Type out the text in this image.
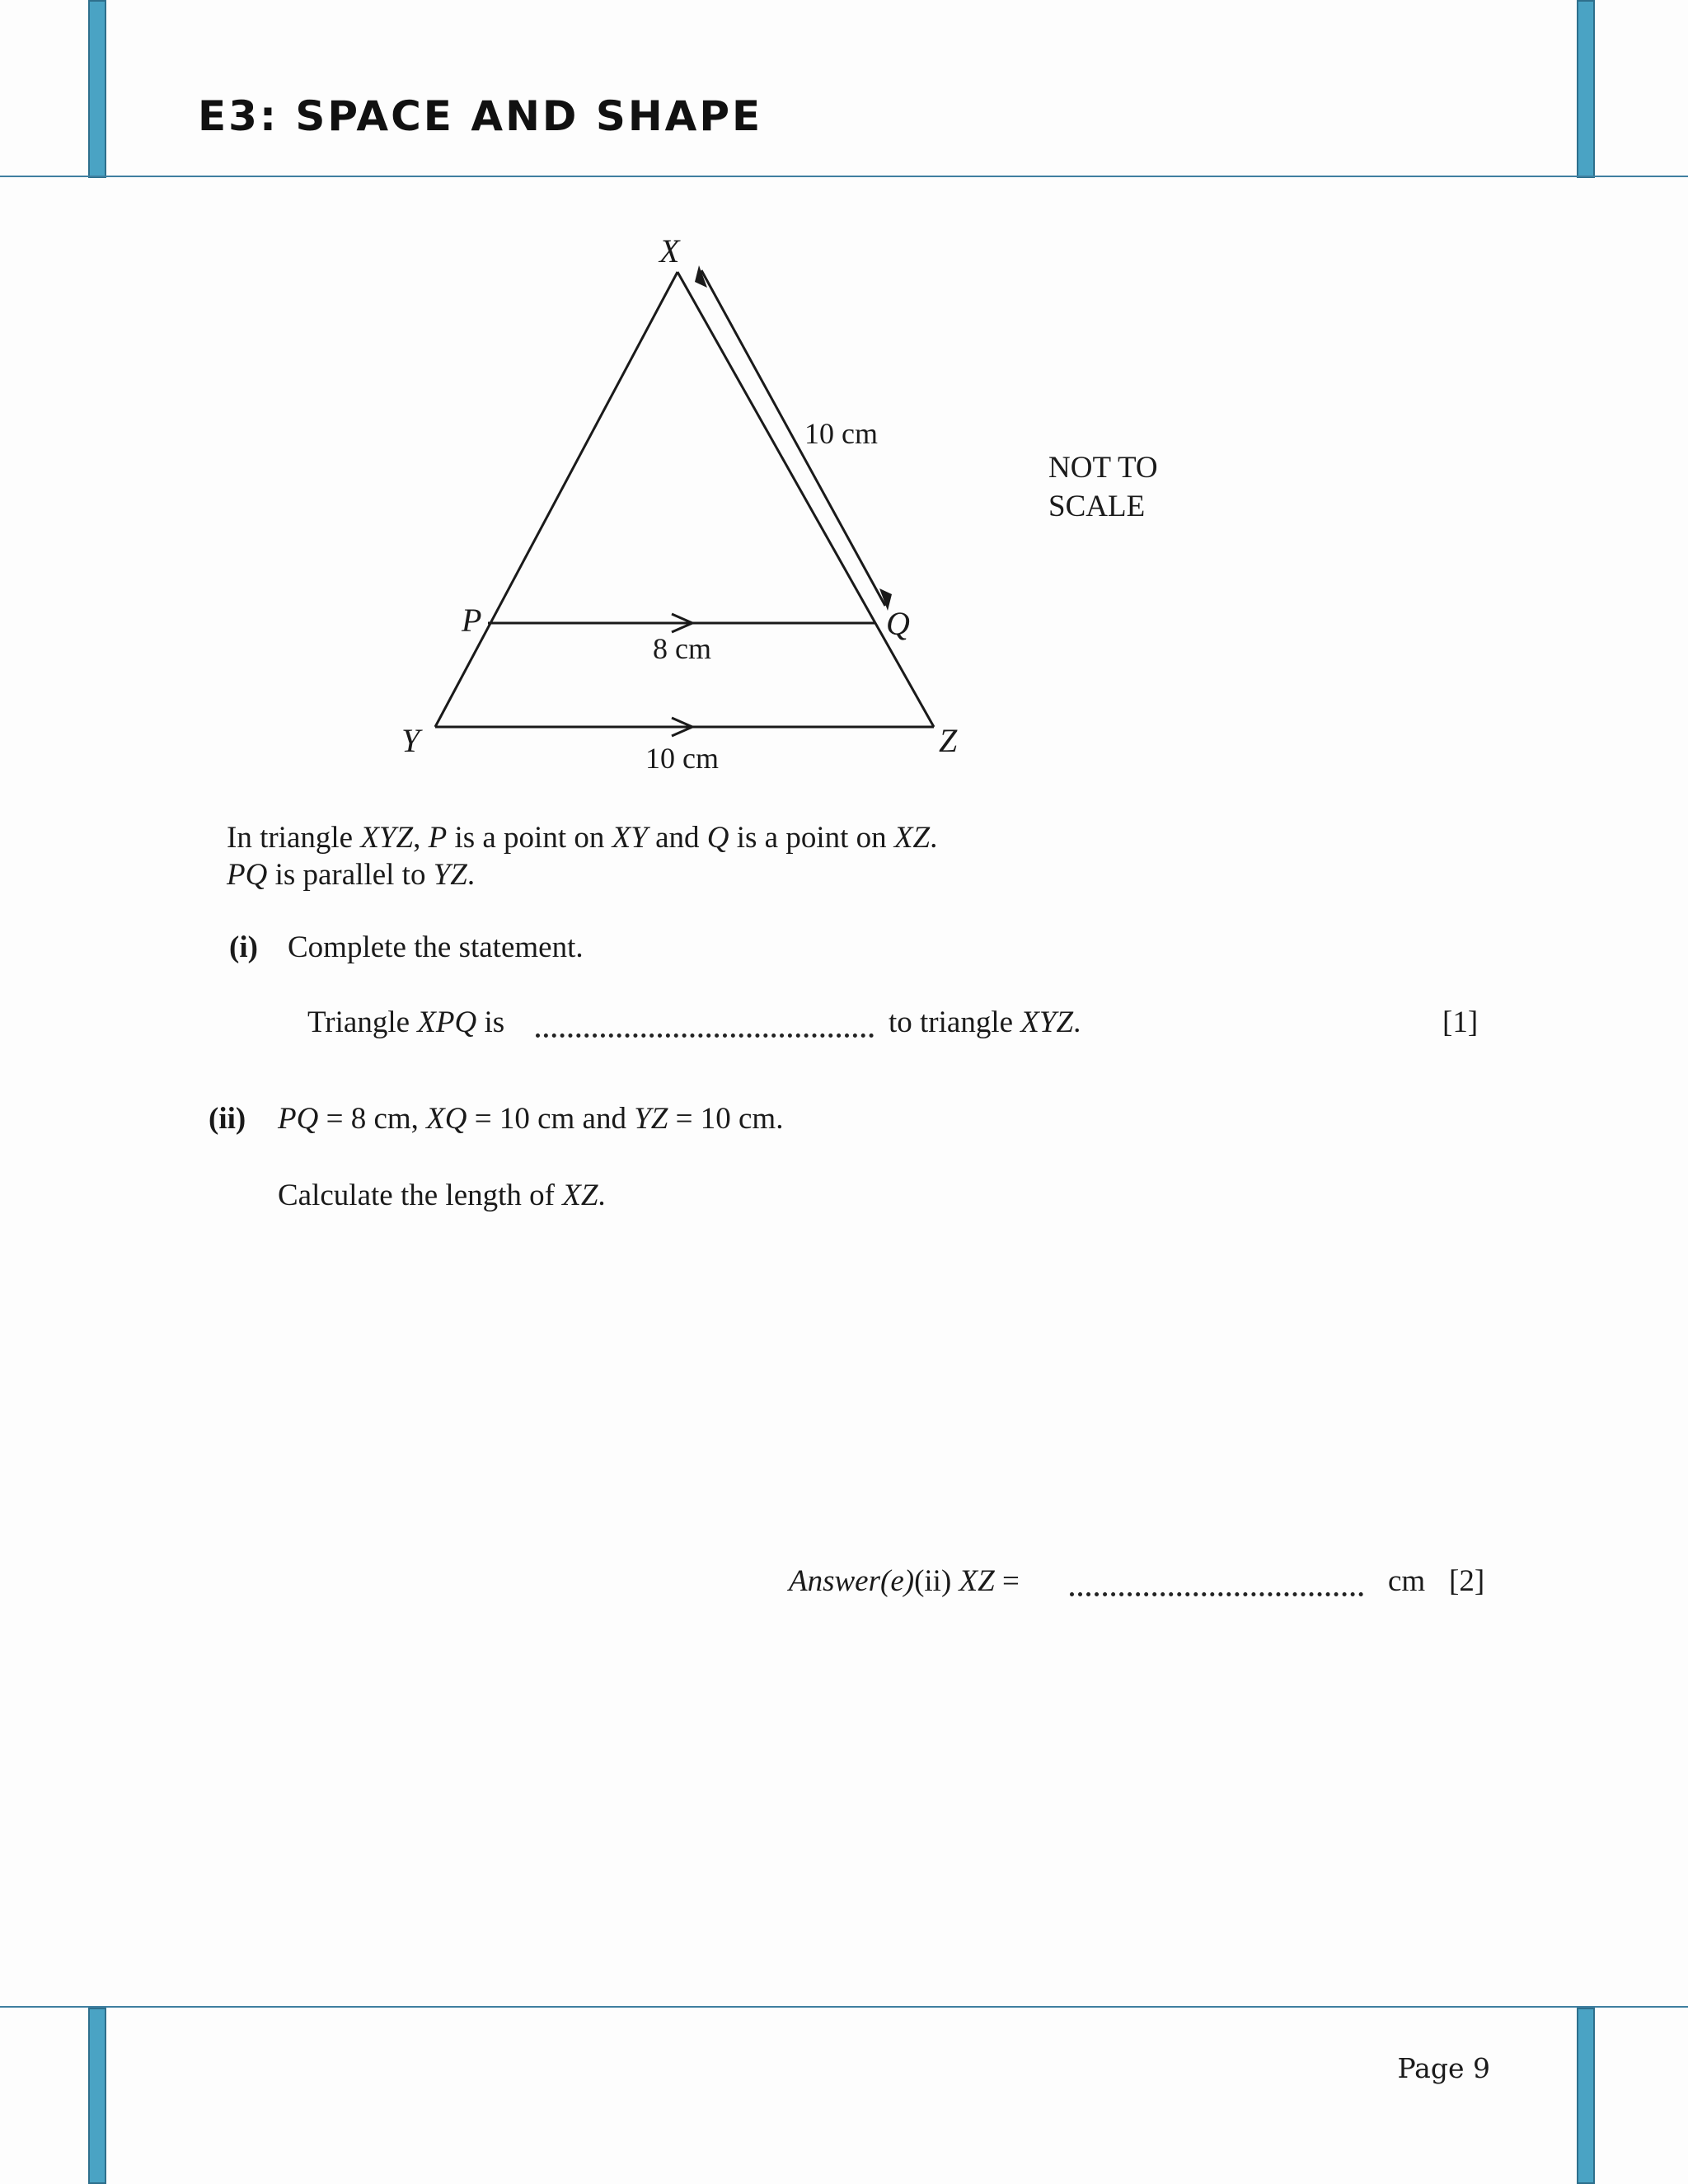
E3: SPACE AND SHAPE
X
Y	Z
P	Q
10 cm
8 cm
10 cm
NOT TO
SCALE
In triangle XYZ, P is a point on XY and Q is a point on XZ.
PQ is parallel to YZ.
(i) Complete the statement.
Triangle XPQ is	to triangle XYZ.	[1]
(ii) PQ = 8 cm, XQ = 10 cm and YZ = 10 cm.
Calculate the length of XZ.
Answer(e)(ii) XZ =	cm [2]
Page 9
